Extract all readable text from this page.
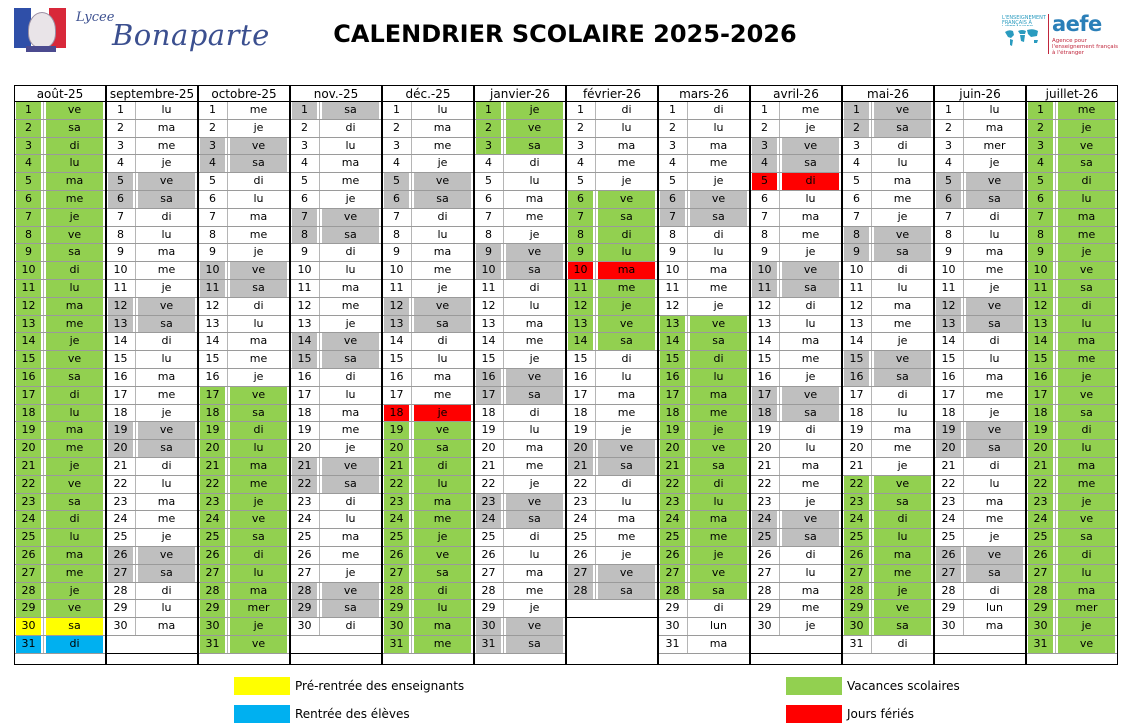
Lycee
Bonaparte	CALENDRIER SCOLAIRE 2025-2026
L'ENSEIGNEMENT FRANÇAIS À aefe
Agence pour l'enseignement français à l'étranger
août-25
1	ve
2	sa
3	di
4	lu
5	ma
6	me
7	je
8	ve
9	sa
10	di
11	lu
12	ma
13	me
14	je
15	ve
16	sa
17	di
18	lu
19	ma
20	me
21	je
22	ve
23	sa
24	di
25	lu
26	ma
27	me
28	je
29	ve
30	sa
31	di
septembre-25
1	lu
2	ma
3	me
4	je
5	ve
6	sa
7	di
8	lu
9	ma
10	me
11	je
12	ve
13	sa
14	di
15	lu
16	ma
17	me
18	je
19	ve
20	sa
21	di
22	lu
23	ma
24	me
25	je
26	ve
27	sa
28	di
29	lu
30	ma
octobre-25
1	me
2	je
3	ve
4	sa
5	di
6	lu
7	ma
8	me
9	je
10	ve
11	sa
12	di
13	lu
14	ma
15	me
16	je
17	ve
18	sa
19	di
20	lu
21	ma
22	me
23	je
24	ve
25	sa
26	di
27	lu
28	ma
29	mer
30	je
31	ve
nov.-25
1	sa
2	di
3	lu
4	ma
5	me
6	je
7	ve
8	sa
9	di
10	lu
11	ma
12	me
13	je
14	ve
15	sa
16	di
17	lu
18	ma
19	me
20	je
21	ve
22	sa
23	di
24	lu
25	ma
26	me
27	je
28	ve
29	sa
30	di
déc.-25
1	lu
2	ma
3	me
4	je
5	ve
6	sa
7	di
8	lu
9	ma
10	me
11	je
12	ve
13	sa
14	di
15	lu
16	ma
17	me
18	je
19	ve
20	sa
21	di
22	lu
23	ma
24	me
25	je
26	ve
27	sa
28	di
29	lu
30	ma
31	me
janvier-26
1	je
2	ve
3	sa
4	di
5	lu
6	ma
7	me
8	je
9	ve
10	sa
11	di
12	lu
13	ma
14	me
15	je
16	ve
17	sa
18	di
19	lu
20	ma
21	me
22	je
23	ve
24	sa
25	di
26	lu
27	ma
28	me
29	je
30	ve
31	sa
février-26
1	di
2	lu
3	ma
4	me
5	je
6	ve
7	sa
8	di
9	lu
10	ma
11	me
12	je
13	ve
14	sa
15	di
16	lu
17	ma
18	me
19	je
20	ve
21	sa
22	di
23	lu
24	ma
25	me
26	je
27	ve
28	sa
mars-26
1	di
2	lu
3	ma
4	me
5	je
6	ve
7	sa
8	di
9	lu
10	ma
11	me
12	je
13	ve
14	sa
15	di
16	lu
17	ma
18	me
19	je
20	ve
21	sa
22	di
23	lu
24	ma
25	me
26	je
27	ve
28	sa
29	di
30	lun
31	ma
avril-26
1	me
2	je
3	ve
4	sa
5	di
6	lu
7	ma
8	me
9	je
10	ve
11	sa
12	di
13	lu
14	ma
15	me
16	je
17	ve
18	sa
19	di
20	lu
21	ma
22	me
23	je
24	ve
25	sa
26	di
27	lu
28	ma
29	me
30	je
mai-26
1	ve
2	sa
3	di
4	lu
5	ma
6	me
7	je
8	ve
9	sa
10	di
11	lu
12	ma
13	me
14	je
15	ve
16	sa
17	di
18	lu
19	ma
20	me
21	je
22	ve
23	sa
24	di
25	lu
26	ma
27	me
28	je
29	ve
30	sa
31	di
juin-26
1	lu
2	ma
3	mer
4	je
5	ve
6	sa
7	di
8	lu
9	ma
10	me
11	je
12	ve
13	sa
14	di
15	lu
16	ma
17	me
18	je
19	ve
20	sa
21	di
22	lu
23	ma
24	me
25	je
26	ve
27	sa
28	di
29	lun
30	ma
juillet-26
1	me
2	je
3	ve
4	sa
5	di
6	lu
7	ma
8	me
9	je
10	ve
11	sa
12	di
13	lu
14	ma
15	me
16	je
17	ve
18	sa
19	di
20	lu
21	ma
22	me
23	je
24	ve
25	sa
26	di
27	lu
28	ma
29	mer
30	je
31	ve
Pré-rentrée des enseignants
Rentrée des élèves
Vacances scolaires
Jours fériés
